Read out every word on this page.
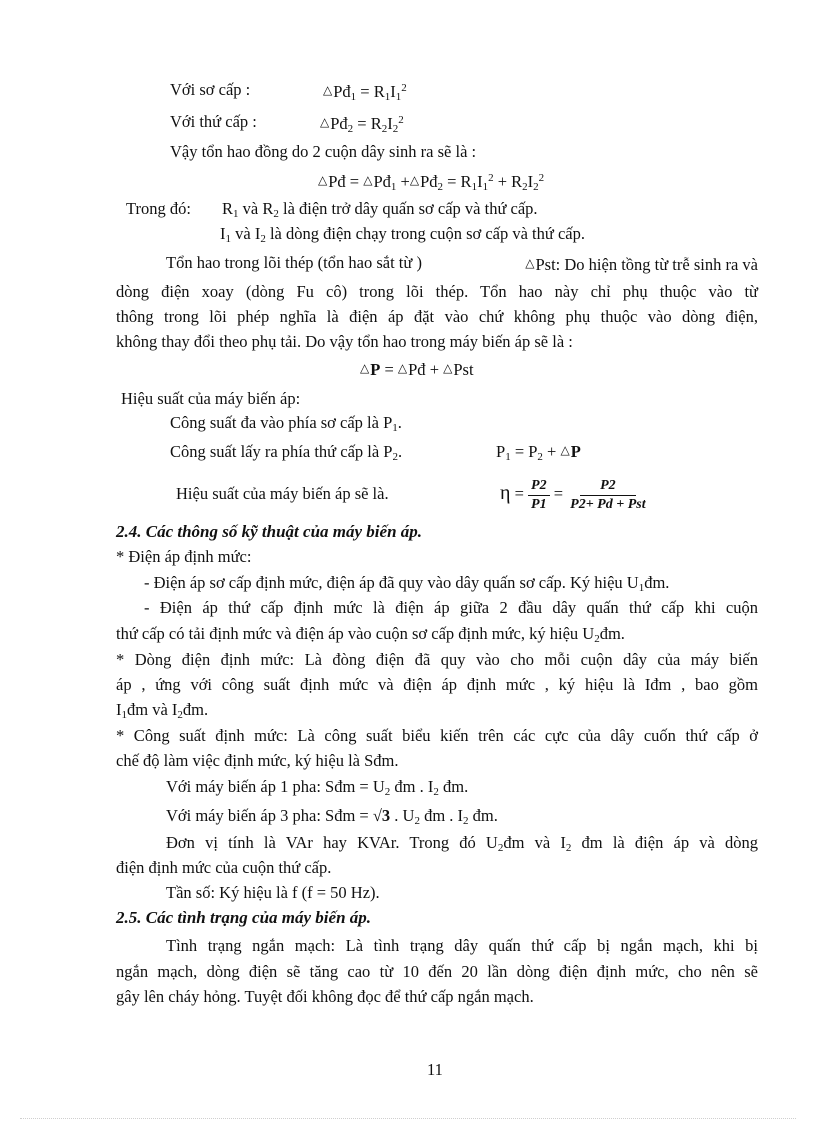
Với sơ cấp :	$\triangle Pđ_1 = R_1I_1^2$
Với thứ cấp :	$\triangle Pđ_2 = R_2I_2^2$
Vậy tổn hao đồng do 2 cuộn dây sinh ra sẽ là :
△Pđ = $\triangle Pđ_1$ $+\triangle Pđ_2 = R_1I_1^2 + R_2I_2^2$
Trong đó: $R_1$ và $R_2$ là điện trở dây quấn sơ cấp và thứ cấp.
$I_1$ và $I_2$ là dòng điện chạy trong cuộn sơ cấp và thứ cấp.
Tổn hao trong lõi thép (tổn hao sắt từ )	△Pst: Do hiện tồng từ trễ sinh ra và
dòng điện xoay (dòng Fu cô) trong lõi thép. Tổn hao này chỉ phụ thuộc vào từ
thông trong lõi phép nghĩa là điện áp đặt vào chứ không phụ thuộc vào dòng điện,
không thay đổi theo phụ tải. Do vậy tổn hao trong máy biến áp sẽ là :
△P = △Pđ + △Pst
Hiệu suất của máy biến áp:
Công suất đa vào phía sơ cấp là $P_1$.
Công suất lấy ra phía thứ cấp là $P_2$.	$P_1 = P_2$ + △P
Hiệu suất của máy biến áp sẽ là.	$\eta = \frac{P2}{P1} = \frac{P2}{\text{P2+ Pd + Pst}}$
2.4. Các thông số kỹ thuật của máy biến áp.
* Điện áp định mức:
- Điện áp sơ cấp định mức, điện áp đã quy vào dây quấn sơ cấp. Ký hiệu $U_1đm$.
- Điện áp thứ cấp định mức là điện áp giữa 2 đầu dây quấn thứ cấp khi cuộn
thứ cấp có tải định mức và điện áp vào cuộn sơ cấp định mức, ký hiệu $U_2đm$.
* Dòng điện định mức: Là đòng điện đã quy vào cho mỗi cuộn dây của máy biến
áp , ứng với công suất định mức và điện áp định mức , ký hiệu là Iđm , bao gồm
$I_1đm$ và $I_2đm$.
* Công suất định mức: Là công suất biểu kiến trên các cực của dây cuốn thứ cấp ở
chế độ làm việc định mức, ký hiệu là Sđm.
Với máy biến áp 1 pha: Sđm = $U_2$ đm . $I_2$ đm.
Với máy biến áp 3 pha: Sđm = √3 . $U_2$ đm . $I_2$ đm.
Đơn vị tính là VAr hay KVAr. Trong đó $U_2đm$ và $I_2$ đm là điện áp và dòng
điện định mức của cuộn thứ cấp.
Tần số: Ký hiệu là f (f = 50 Hz).
2.5. Các tình trạng của máy biến áp.
Tình trạng ngắn mạch: Là tình trạng dây quấn thứ cấp bị ngắn mạch, khi bị
ngắn mạch, dòng điện sẽ tăng cao từ 10 đến 20 lần dòng điện định mức, cho nên sẽ
gây lên cháy hỏng. Tuyệt đối không đọc để thứ cấp ngắn mạch.
11
